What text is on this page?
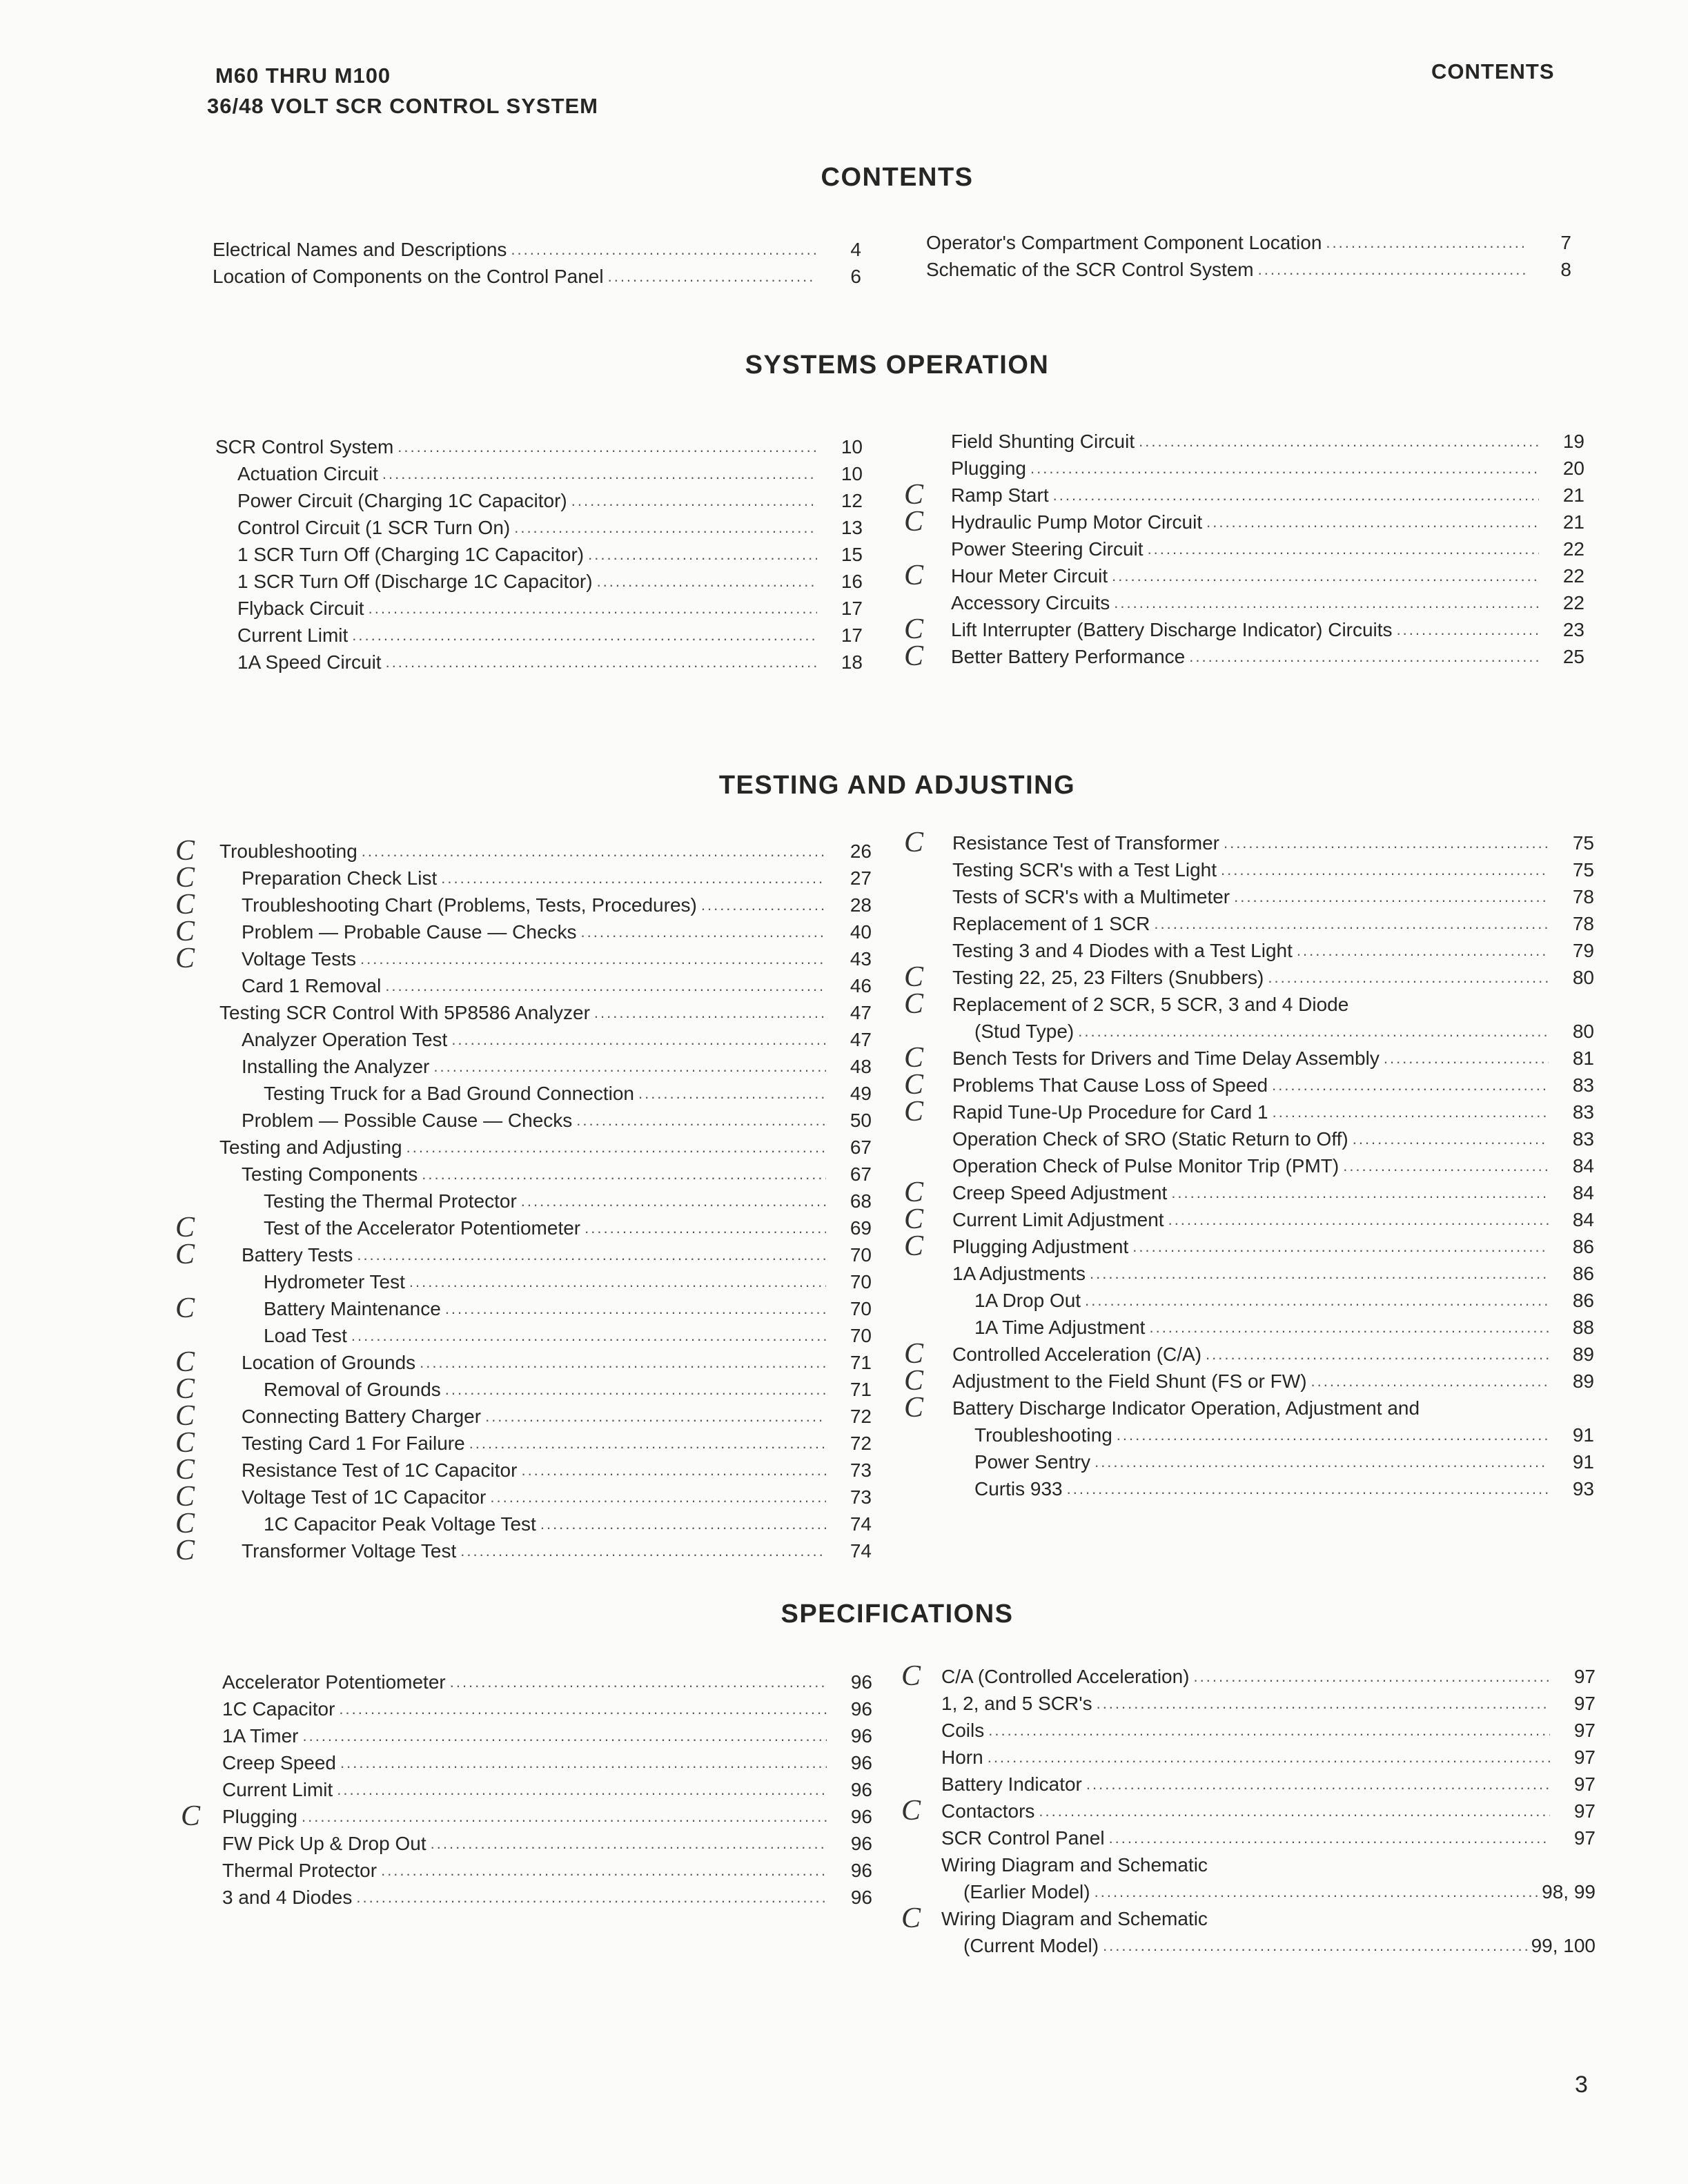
M60 THRU M100
36/48 VOLT SCR CONTROL SYSTEM
CONTENTS
CONTENTS
Electrical Names and Descriptions .....	4
Location of Components on the Control Panel .....	6
Operator's Compartment Component Location .....	7
Schematic of the SCR Control System .....	8
SYSTEMS OPERATION
SCR Control System .....	10
Actuation Circuit .....	10
Power Circuit (Charging 1C Capacitor) .....	12
Control Circuit (1 SCR Turn On) .....	13
1 SCR Turn Off (Charging 1C Capacitor) .....	15
1 SCR Turn Off (Discharge 1C Capacitor) .....	16
Flyback Circuit .....	17
Current Limit .....	17
1A Speed Circuit .....	18
Field Shunting Circuit .....	19
Plugging .....	20
C Ramp Start .....	21
C Hydraulic Pump Motor Circuit .....	21
Power Steering Circuit .....	22
C Hour Meter Circuit .....	22
Accessory Circuits .....	22
C Lift Interrupter (Battery Discharge Indicator) Circuits .....	23
C Better Battery Performance .....	25
TESTING AND ADJUSTING
C Troubleshooting .....	26
C	Preparation Check List .....	27
C	Troubleshooting Chart (Problems, Tests, Procedures) .....	28
C	Problem — Probable Cause — Checks .....	40
C	Voltage Tests .....	43
Card 1 Removal .....	46
Testing SCR Control With 5P8586 Analyzer .....	47
Analyzer Operation Test .....	47
Installing the Analyzer .....	48
Testing Truck for a Bad Ground Connection .....	49
Problem — Possible Cause — Checks .....	50
Testing and Adjusting .....	67
Testing Components .....	67
Testing the Thermal Protector .....	68
C	Test of the Accelerator Potentiometer .....	69
C	Battery Tests .....	70
Hydrometer Test .....	70
C	Battery Maintenance .....	70
Load Test .....	70
C	Location of Grounds .....	71
C	Removal of Grounds .....	71
C	Connecting Battery Charger .....	72
C	Testing Card 1 For Failure .....	72
C	Resistance Test of 1C Capacitor .....	73
C	Voltage Test of 1C Capacitor .....	73
C	1C Capacitor Peak Voltage Test .....	74
C	Transformer Voltage Test .....	74
C Resistance Test of Transformer .....	75
Testing SCR's with a Test Light .....	75
Tests of SCR's with a Multimeter .....	78
Replacement of 1 SCR .....	78
Testing 3 and 4 Diodes with a Test Light .....	79
C Testing 22, 25, 23 Filters (Snubbers) .....	80
C Replacement of 2 SCR, 5 SCR, 3 and 4 Diode
(Stud Type) .....	80
C Bench Tests for Drivers and Time Delay Assembly .....	81
C Problems That Cause Loss of Speed .....	83
C Rapid Tune-Up Procedure for Card 1 .....	83
Operation Check of SRO (Static Return to Off) .....	83
Operation Check of Pulse Monitor Trip (PMT) .....	84
C Creep Speed Adjustment .....	84
C Current Limit Adjustment .....	84
C Plugging Adjustment .....	86
1A Adjustments .....	86
1A Drop Out .....	86
1A Time Adjustment .....	88
C Controlled Acceleration (C/A) .....	89
C Adjustment to the Field Shunt (FS or FW) .....	89
C Battery Discharge Indicator Operation, Adjustment and
Troubleshooting .....	91
Power Sentry .....	91
Curtis 933 .....	93
SPECIFICATIONS
Accelerator Potentiometer .....	96
1C Capacitor .....	96
1A Timer .....	96
Creep Speed .....	96
Current Limit .....	96
C Plugging .....	96
FW Pick Up & Drop Out .....	96
Thermal Protector .....	96
3 and 4 Diodes .....	96
C C/A (Controlled Acceleration) .....	97
1, 2, and 5 SCR's .....	97
Coils .....	97
Horn .....	97
Battery Indicator .....	97
C Contactors .....	97
SCR Control Panel .....	97
Wiring Diagram and Schematic
(Earlier Model) .....	98, 99
C Wiring Diagram and Schematic
(Current Model) .....	99, 100
3
